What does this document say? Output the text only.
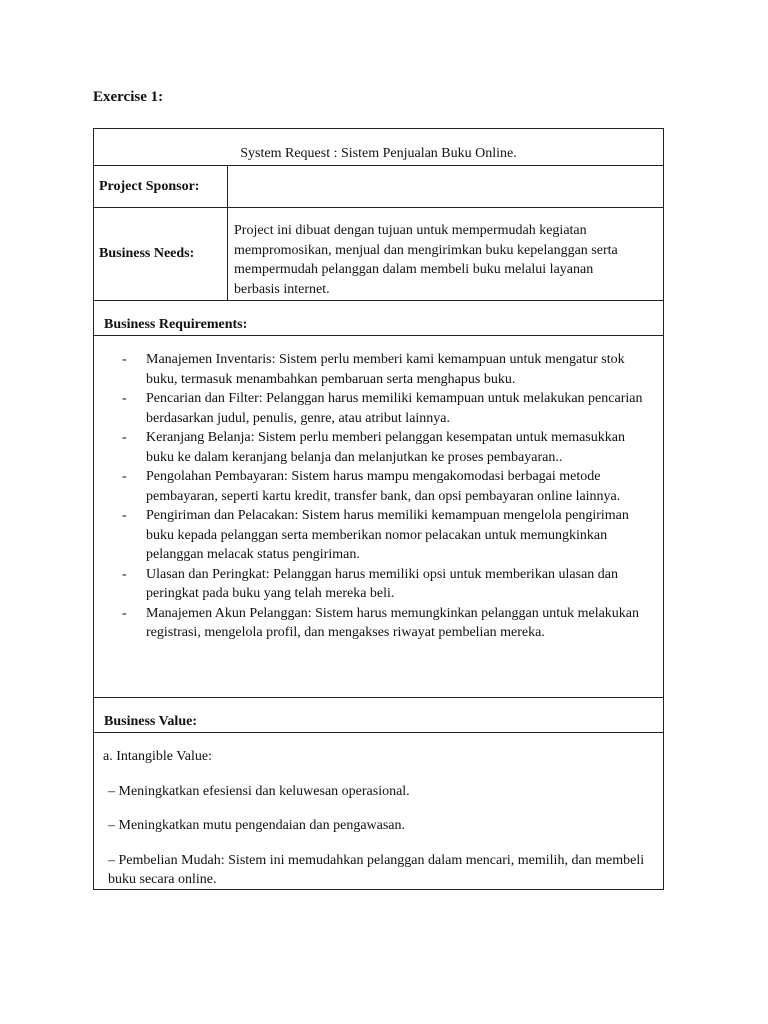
Exercise 1:
System Request : Sistem Penjualan Buku Online.
Project Sponsor:
Business Needs:
Project ini dibuat dengan tujuan untuk mempermudah kegiatan mempromosikan, menjual dan mengirimkan buku kepelanggan serta mempermudah pelanggan dalam membeli buku melalui layanan berbasis internet.
Business Requirements:
-	Manajemen Inventaris: Sistem perlu memberi kami kemampuan untuk mengatur stok buku, termasuk menambahkan pembaruan serta menghapus buku.
-	Pencarian dan Filter: Pelanggan harus memiliki kemampuan untuk melakukan pencarian berdasarkan judul, penulis, genre, atau atribut lainnya.
-	Keranjang Belanja: Sistem perlu memberi pelanggan kesempatan untuk memasukkan buku ke dalam keranjang belanja dan melanjutkan ke proses pembayaran..
-	Pengolahan Pembayaran: Sistem harus mampu mengakomodasi berbagai metode pembayaran, seperti kartu kredit, transfer bank, dan opsi pembayaran online lainnya.
-	Pengiriman dan Pelacakan: Sistem harus memiliki kemampuan mengelola pengiriman buku kepada pelanggan serta memberikan nomor pelacakan untuk memungkinkan pelanggan melacak status pengiriman.
-	Ulasan dan Peringkat: Pelanggan harus memiliki opsi untuk memberikan ulasan dan peringkat pada buku yang telah mereka beli.
-	Manajemen Akun Pelanggan: Sistem harus memungkinkan pelanggan untuk melakukan registrasi, mengelola profil, dan mengakses riwayat pembelian mereka.
Business Value:
a. Intangible Value:
– Meningkatkan efesiensi dan keluwesan operasional.
– Meningkatkan mutu pengendaian dan pengawasan.
– Pembelian Mudah: Sistem ini memudahkan pelanggan dalam mencari, memilih, dan membeli buku secara online.
